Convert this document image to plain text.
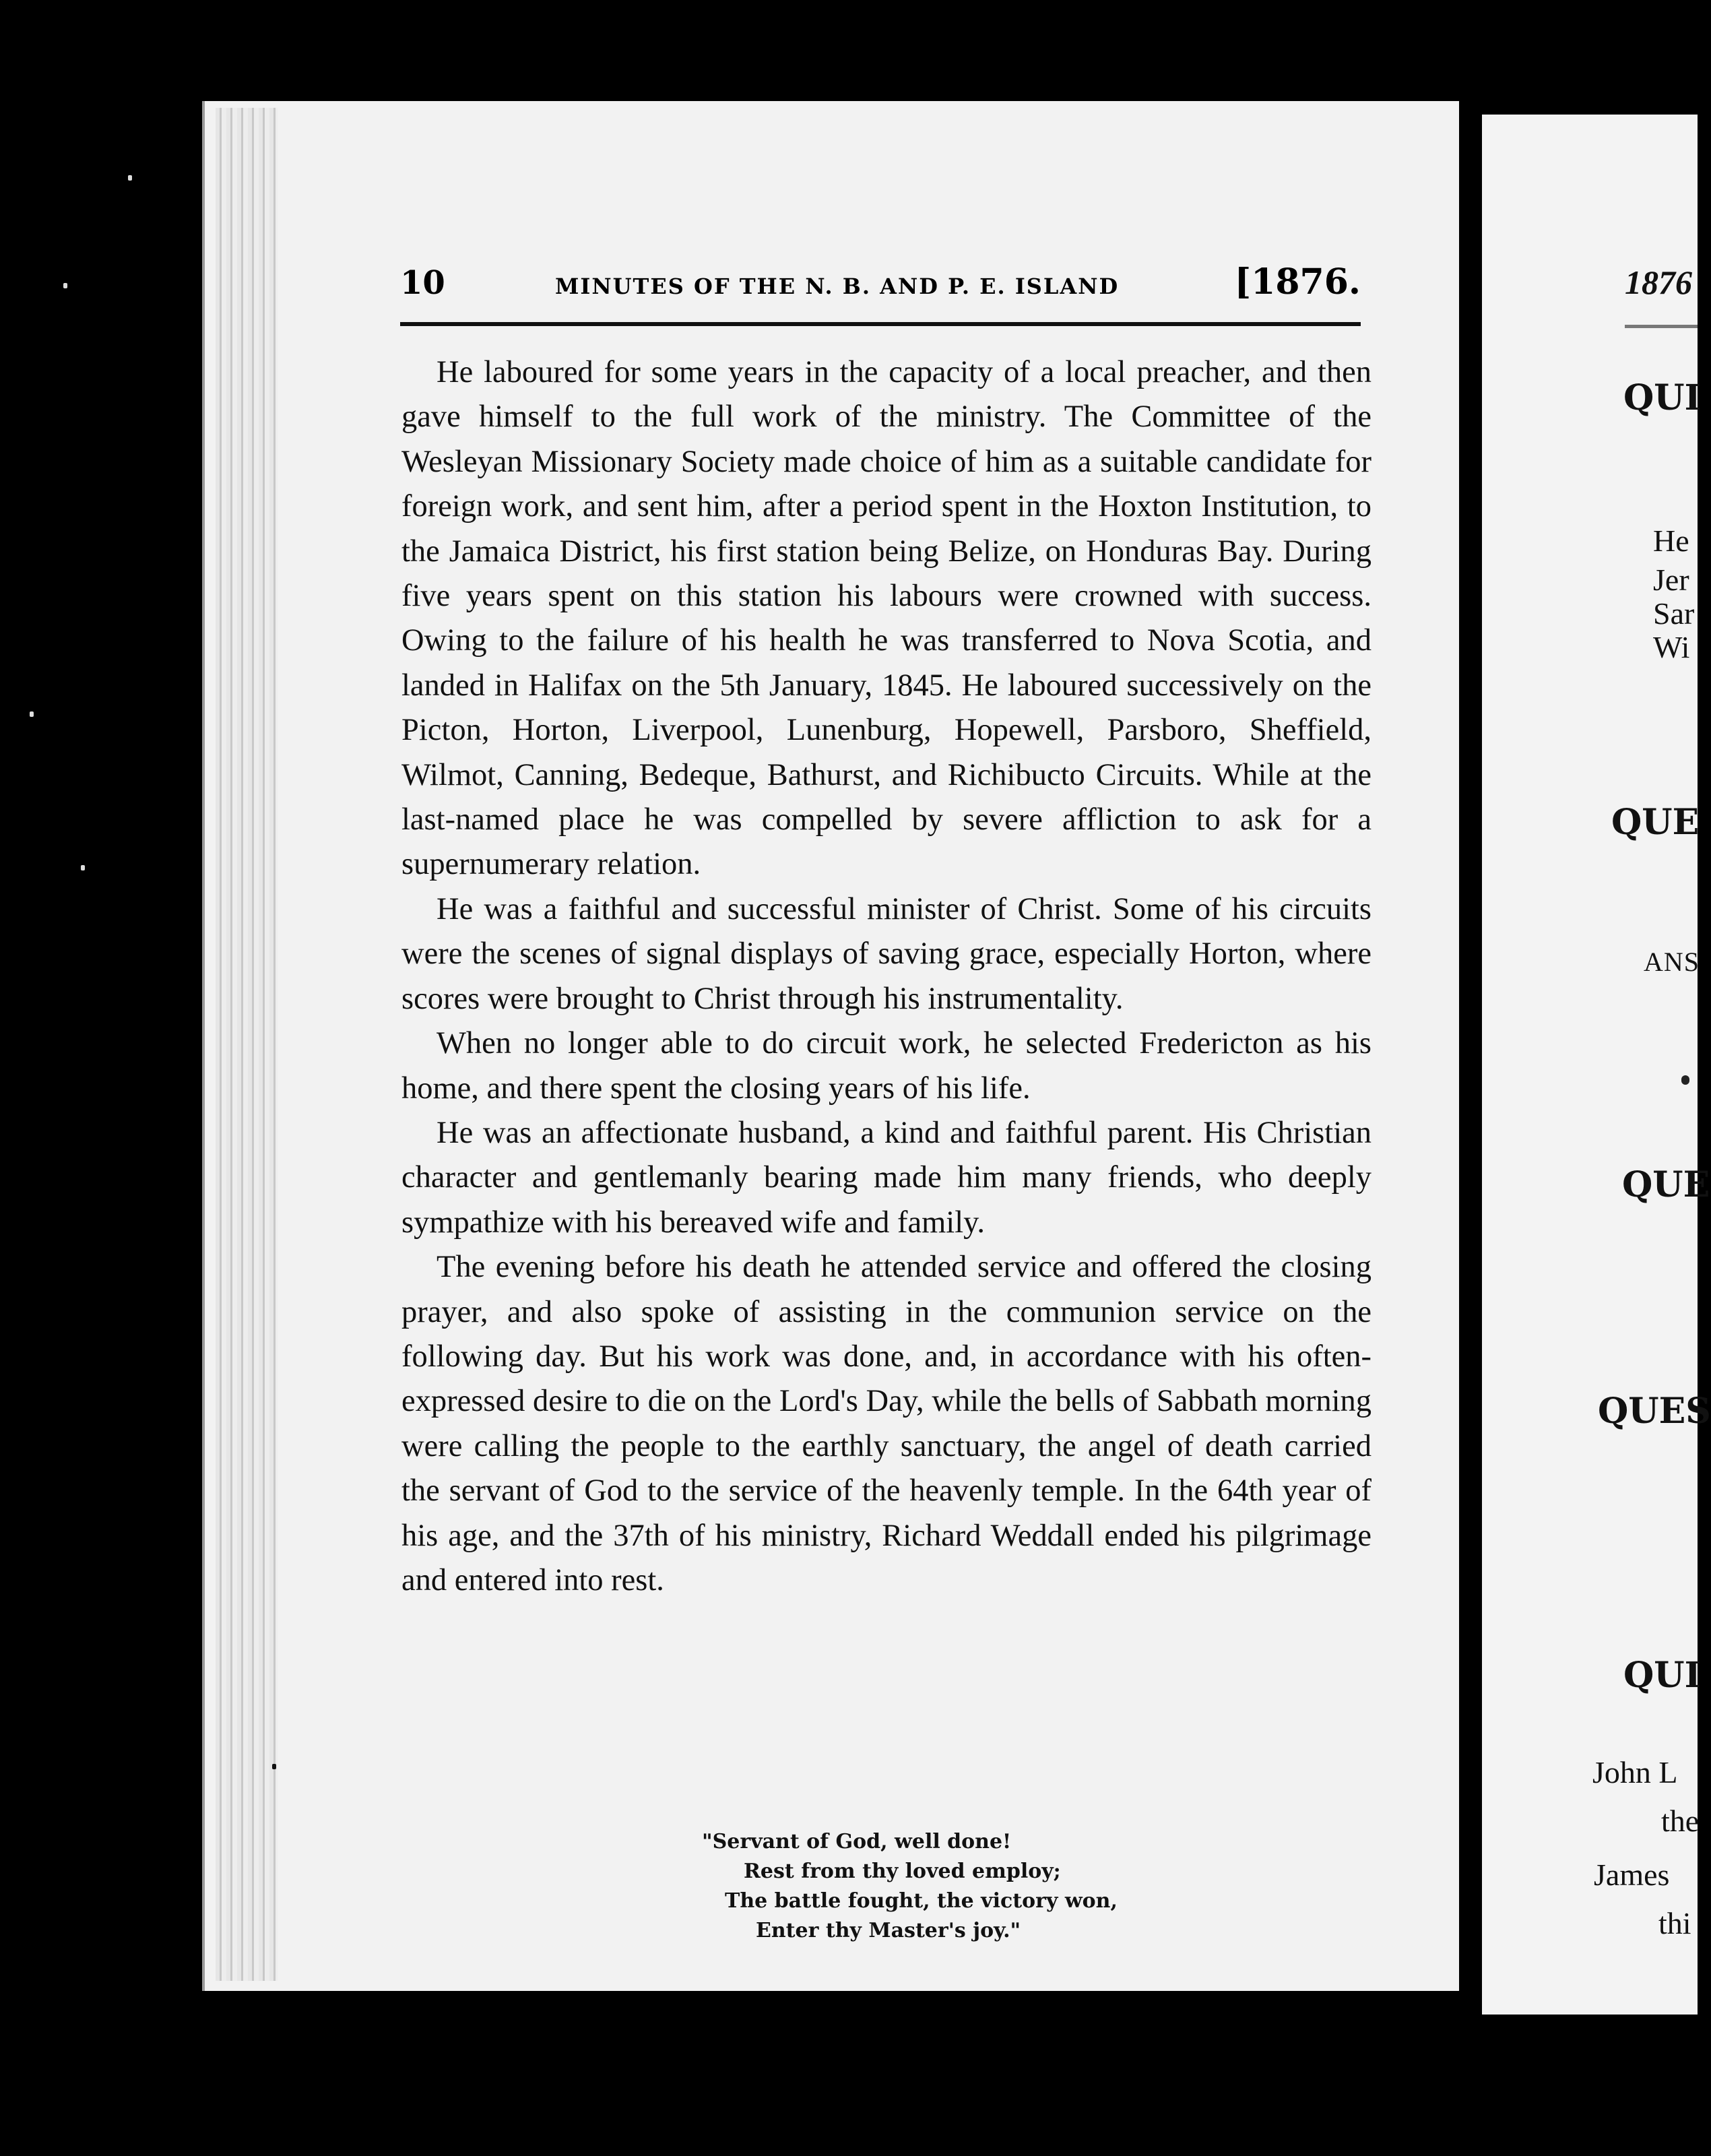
10	MINUTES OF THE N. B. AND P. E. ISLAND	[1876.

He laboured for some years in the capacity of a local preacher, and then gave himself to the full work of the ministry. The Committee of the Wesleyan Missionary Society made choice of him as a suitable candidate for foreign work, and sent him, after a period spent in the Hoxton Institution, to the Jamaica District, his first station being Belize, on Honduras Bay. During five years spent on this station his labours were crowned with success. Owing to the failure of his health he was transferred to Nova Scotia, and landed in Halifax on the 5th January, 1845. He laboured successively on the Picton, Horton, Liverpool, Lunenburg, Hopewell, Parsboro, Sheffield, Wilmot, Canning, Bedeque, Bathurst, and Richibucto Circuits. While at the last-named place he was compelled by severe affliction to ask for a supernumerary relation.

He was a faithful and successful minister of Christ. Some of his circuits were the scenes of signal displays of saving grace, especially Horton, where scores were brought to Christ through his instrumentality.

When no longer able to do circuit work, he selected Fredericton as his home, and there spent the closing years of his life.

He was an affectionate husband, a kind and faithful parent. His Christian character and gentlemanly bearing made him many friends, who deeply sympathize with his bereaved wife and family.

The evening before his death he attended service and offered the closing prayer, and also spoke of assisting in the communion service on the following day. But his work was done, and, in accordance with his often-expressed desire to die on the Lord's Day, while the bells of Sabbath morning were calling the people to the earthly sanctuary, the angel of death carried the servant of God to the service of the heavenly temple. In the 64th year of his age, and the 37th of his ministry, Richard Weddall ended his pilgrimage and entered into rest.

"Servant of God, well done!
Rest from thy loved employ;
The battle fought, the victory won,
Enter thy Master's joy."
1876
QUI
He
Jer
Sar
Wi
QUE
ANS
QUE
QUES
QUI
John L
the
James
thi
